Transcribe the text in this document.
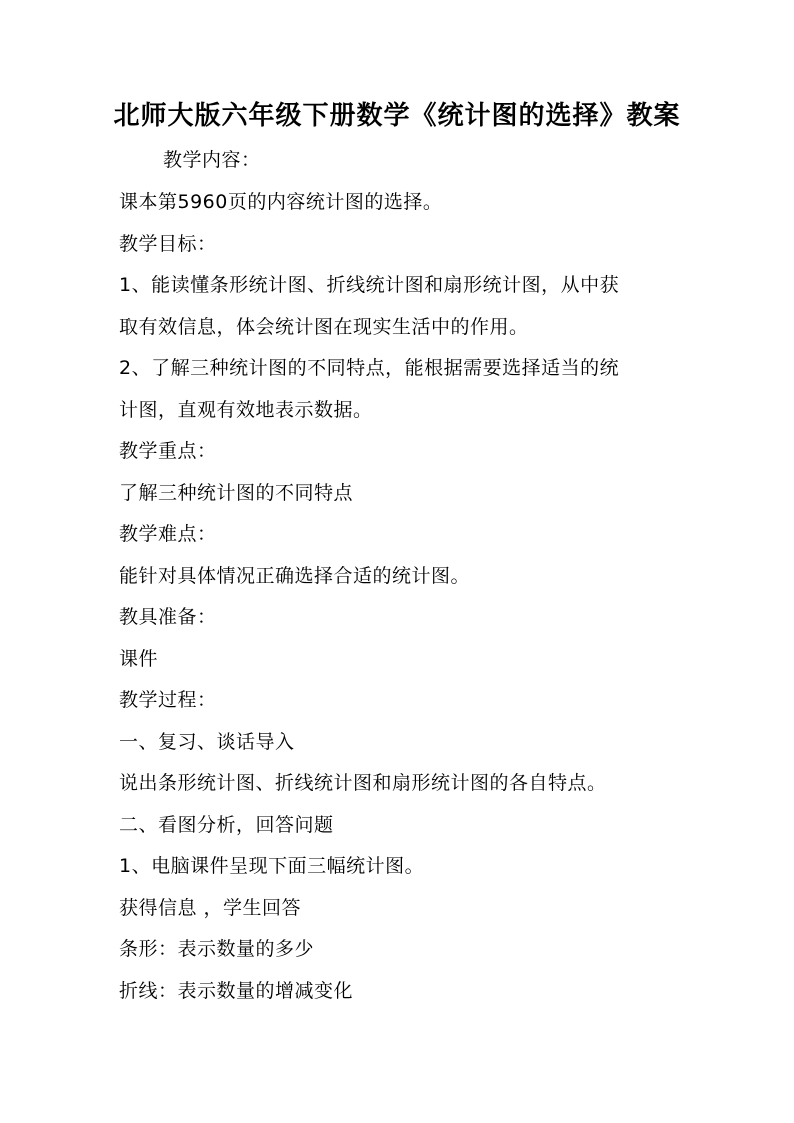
北师大版六年级下册数学《统计图的选择》教案
教学内容：
课本第5960页的内容统计图的选择。
教学目标：
1、能读懂条形统计图、折线统计图和扇形统计图，从中获
取有效信息，体会统计图在现实生活中的作用。
2、了解三种统计图的不同特点，能根据需要选择适当的统
计图，直观有效地表示数据。
教学重点：
了解三种统计图的不同特点
教学难点：
能针对具体情况正确选择合适的统计图。
教具准备：
课件
教学过程：
一、复习、谈话导入
说出条形统计图、折线统计图和扇形统计图的各自特点。
二、看图分析，回答问题
1、电脑课件呈现下面三幅统计图。
获得信息 ，学生回答
条形：表示数量的多少
折线：表示数量的增减变化
